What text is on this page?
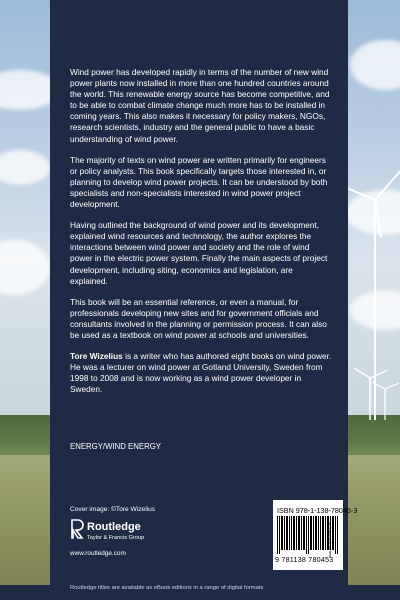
Wind power has developed rapidly in terms of the number of new wind power plants now installed in more than one hundred countries around the world. This renewable energy source has become competitive, and to be able to combat climate change much more has to be installed in coming years. This also makes it necessary for policy makers, NGOs, research scientists, industry and the general public to have a basic understanding of wind power.

The majority of texts on wind power are written primarily for engineers or policy analysts. This book specifically targets those interested in, or planning to develop wind power projects. It can be understood by both specialists and non-specialists interested in wind power project development.

Having outlined the background of wind power and its development, explained wind resources and technology, the author explores the interactions between wind power and society and the role of wind power in the electric power system. Finally the main aspects of project development, including siting, economics and legislation, are explained.

This book will be an essential reference, or even a manual, for professionals developing new sites and for government officials and consultants involved in the planning or permission process. It can also be used as a textbook on wind power at schools and universities.

Tore Wizelius is a writer who has authored eight books on wind power. He was a lecturer on wind power at Gotland University, Sweden from 1998 to 2008 and is now working as a wind power developer in Sweden.

ENERGY/WIND ENERGY
Cover image: ©Tore Wizelius
Routledge
Taylor & Francis Group
www.routledge.com
ISBN 978-1-138-78045-3
9 781138 780453
an informa business
Routledge titles are available as eBook editions in a range of digital formats
